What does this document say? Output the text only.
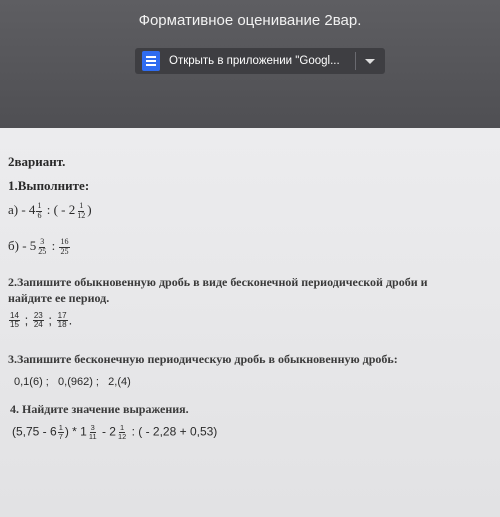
Формативное оценивание 2вар.
Открыть в приложении "Googl...
2вариант.
1.Выполните:
$а) - 4 \frac{1}{6}$ : ( - $2 \frac{1}{12}$ )
$б) - 5 \frac{3}{25}$ : $\frac{16}{25}$
2.Запишите обыкновенную дробь в виде бесконечной периодической дроби и
найдите ее период.
$\frac{14}{15}$ ; $\frac{23}{24}$ ; $\frac{17}{18}$ .
3.Запишите бесконечную периодическую дробь в обыкновенную дробь:
0,1(6) ;   0,(962) ;   2,(4)
4. Найдите значение выражения.
($5,75 - 6 \frac{1}{7}$ ) * $1 \frac{3}{11} - 2 \frac{1}{12}$ : ( - 2,28 + 0,53)
